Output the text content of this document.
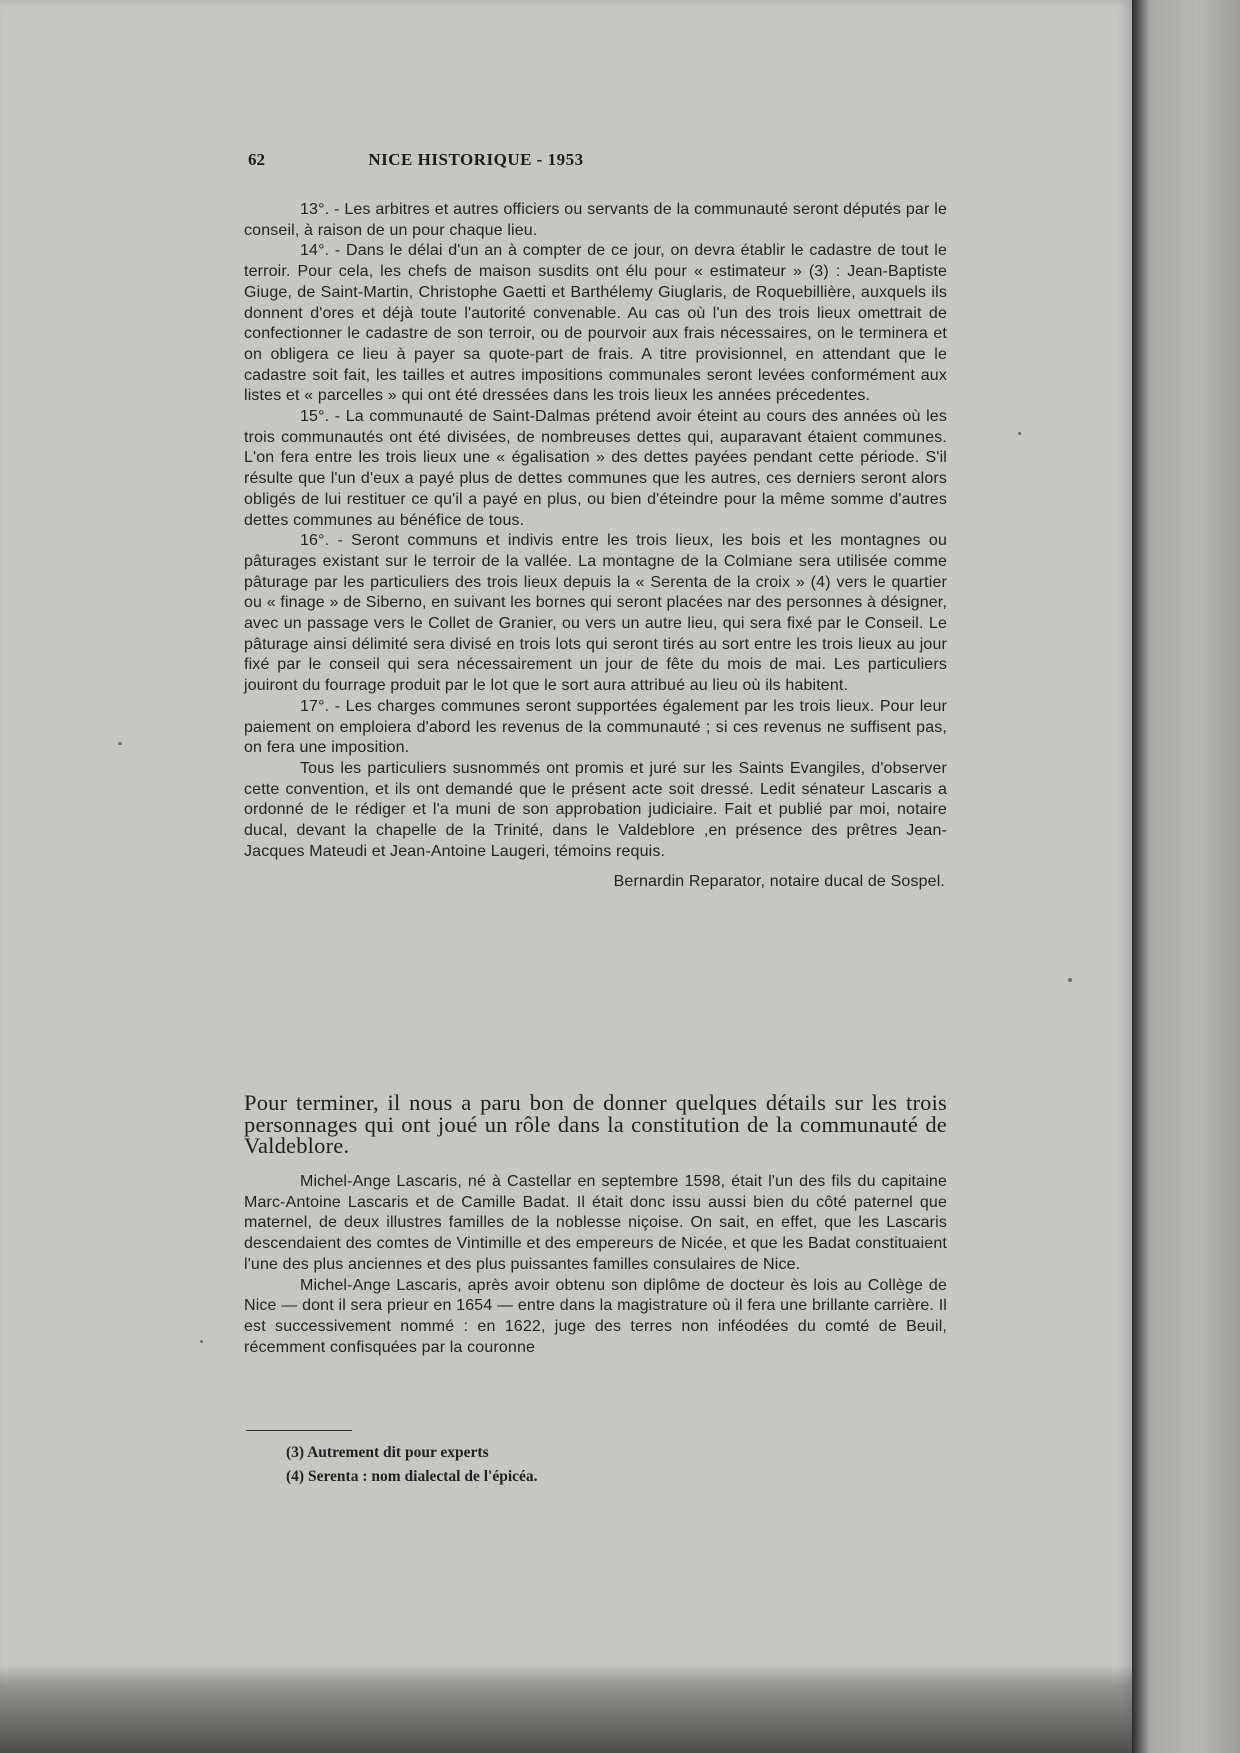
62	NICE HISTORIQUE - 1953

13°. - Les arbitres et autres officiers ou servants de la communauté seront députés par le conseil, à raison de un pour chaque lieu.

14°. - Dans le délai d'un an à compter de ce jour, on devra établir le cadastre de tout le terroir. Pour cela, les chefs de maison susdits ont élu pour « estimateur » (3) : Jean-Baptiste Giuge, de Saint-Martin, Christophe Gaetti et Barthélemy Giuglaris, de Roquebillière, auxquels ils donnent d'ores et déjà toute l'autorité convenable. Au cas où l'un des trois lieux omettrait de confectionner le cadastre de son terroir, ou de pourvoir aux frais nécessaires, on le terminera et on obligera ce lieu à payer sa quote-part de frais. A titre provisionnel, en attendant que le cadastre soit fait, les tailles et autres impositions communales seront levées conformément aux listes et « parcelles » qui ont été dressées dans les trois lieux les années précedentes.

15°. - La communauté de Saint-Dalmas prétend avoir éteint au cours des années où les trois communautés ont été divisées, de nombreuses dettes qui, auparavant étaient communes. L'on fera entre les trois lieux une « égalisation » des dettes payées pendant cette période. S'il résulte que l'un d'eux a payé plus de dettes communes que les autres, ces derniers seront alors obligés de lui restituer ce qu'il a payé en plus, ou bien d'éteindre pour la même somme d'autres dettes communes au bénéfice de tous.

16°. - Seront communs et indivis entre les trois lieux, les bois et les montagnes ou pâturages existant sur le terroir de la vallée. La montagne de la Colmiane sera utilisée comme pâturage par les particuliers des trois lieux depuis la « Serenta de la croix » (4) vers le quartier ou « finage » de Siberno, en suivant les bornes qui seront placées nar des personnes à désigner, avec un passage vers le Collet de Granier, ou vers un autre lieu, qui sera fixé par le Conseil. Le pâturage ainsi délimité sera divisé en trois lots qui seront tirés au sort entre les trois lieux au jour fixé par le conseil qui sera nécessairement un jour de fête du mois de mai. Les particuliers jouiront du fourrage produit par le lot que le sort aura attribué au lieu où ils habitent.

17°. - Les charges communes seront supportées également par les trois lieux. Pour leur paiement on emploiera d'abord les revenus de la communauté ; si ces revenus ne suffisent pas, on fera une imposition.

Tous les particuliers susnommés ont promis et juré sur les Saints Evangiles, d'observer cette convention, et ils ont demandé que le présent acte soit dressé. Ledit sénateur Lascaris a ordonné de le rédiger et l'a muni de son approbation judiciaire. Fait et publié par moi, notaire ducal, devant la chapelle de la Trinité, dans le Valdeblore ,en présence des prêtres Jean-Jacques Mateudi et Jean-Antoine Laugeri, témoins requis.

Bernardin Reparator, notaire ducal de Sospel.

Pour terminer, il nous a paru bon de donner quelques détails sur les trois personnages qui ont joué un rôle dans la constitution de la communauté de Valdeblore.

Michel-Ange Lascaris, né à Castellar en septembre 1598, était l'un des fils du capitaine Marc-Antoine Lascaris et de Camille Badat. Il était donc issu aussi bien du côté paternel que maternel, de deux illustres familles de la noblesse niçoise. On sait, en effet, que les Lascaris descendaient des comtes de Vintimille et des empereurs de Nicée, et que les Badat constituaient l'une des plus anciennes et des plus puissantes familles consulaires de Nice.

Michel-Ange Lascaris, après avoir obtenu son diplôme de docteur ès lois au Collège de Nice — dont il sera prieur en 1654 — entre dans la magistrature où il fera une brillante carrière. Il est successivement nommé : en 1622, juge des terres non inféodées du comté de Beuil, récemment confisquées par la couronne

(3) Autrement dit pour experts
(4) Serenta : nom dialectal de l'épicéa.
